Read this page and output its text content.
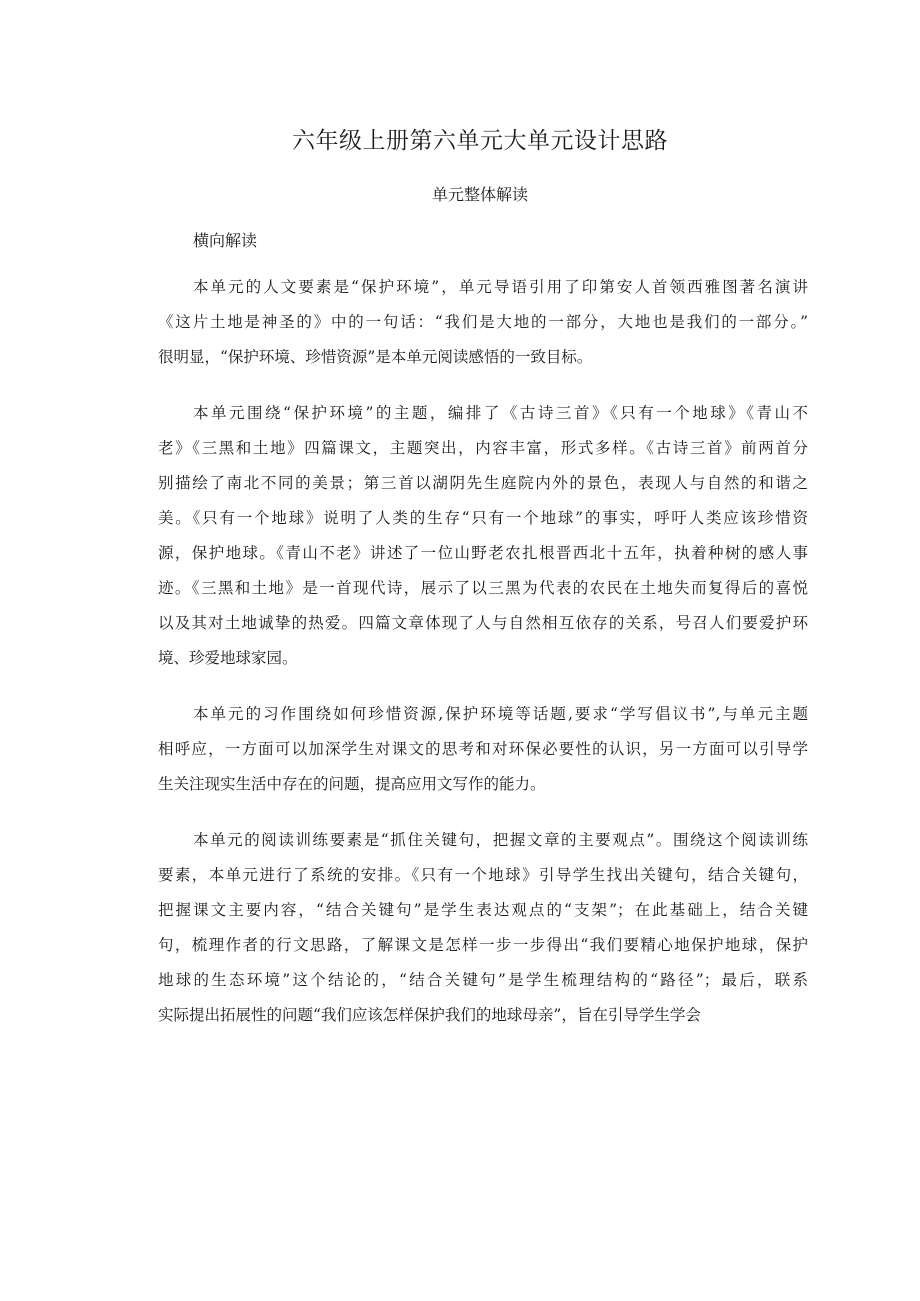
六年级上册第六单元大单元设计思路
单元整体解读
横向解读
本单元的人文要素是“保护环境”，单元导语引用了印第安人首领西雅图著名演讲
《这片土地是神圣的》中的一句话：“我们是大地的一部分，大地也是我们的一部分。”
很明显，“保护环境、珍惜资源”是本单元阅读感悟的一致目标。
本单元围绕“保护环境”的主题，编排了《古诗三首》《只有一个地球》《青山不
老》《三黑和土地》四篇课文，主题突出，内容丰富，形式多样。《古诗三首》前两首分
别描绘了南北不同的美景；第三首以湖阴先生庭院内外的景色，表现人与自然的和谐之
美。《只有一个地球》说明了人类的生存“只有一个地球”的事实，呼吁人类应该珍惜资
源，保护地球。《青山不老》讲述了一位山野老农扎根晋西北十五年，执着种树的感人事
迹。《三黑和土地》是一首现代诗，展示了以三黑为代表的农民在土地失而复得后的喜悦
以及其对土地诚挚的热爱。四篇文章体现了人与自然相互依存的关系，号召人们要爱护环
境、珍爱地球家园。
本单元的习作围绕如何珍惜资源,保护环境等话题,要求“学写倡议书”,与单元主题
相呼应，一方面可以加深学生对课文的思考和对环保必要性的认识，另一方面可以引导学
生关注现实生活中存在的问题，提高应用文写作的能力。
本单元的阅读训练要素是“抓住关键句，把握文章的主要观点”。围绕这个阅读训练
要素，本单元进行了系统的安排。《只有一个地球》引导学生找出关键句，结合关键句，
把握课文主要内容，“结合关键句”是学生表达观点的“支架”；在此基础上，结合关键
句，梳理作者的行文思路，了解课文是怎样一步一步得出“我们要精心地保护地球，保护
地球的生态环境”这个结论的，“结合关键句”是学生梳理结构的“路径”；最后，联系
实际提出拓展性的问题“我们应该怎样保护我们的地球母亲”，旨在引导学生学会
